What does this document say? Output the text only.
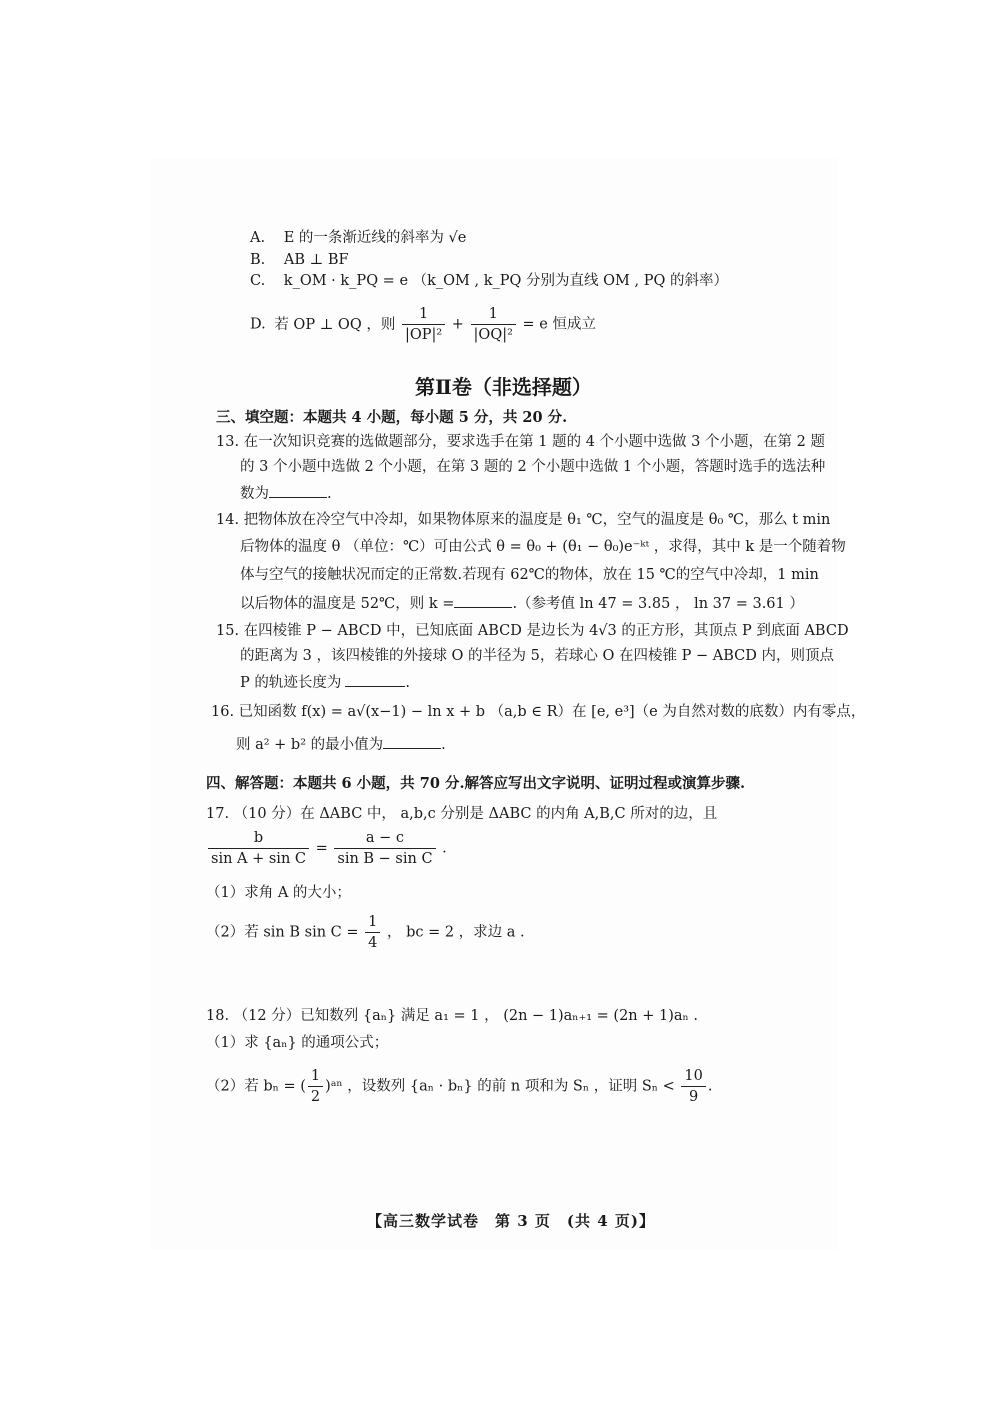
A. E 的一条渐近线的斜率为 √e
B. AB ⊥ BF
C. k_OM · k_PQ = e （k_OM , k_PQ 分别为直线 OM , PQ 的斜率）
D. 若 OP ⊥ OQ ，则 $\frac{1}{\text{|OP|²}} + \frac{1}{\text{|OQ|²}} = e$ 恒成立
第Ⅱ卷（非选择题）
三、填空题：本题共 4 小题，每小题 5 分，共 20 分.
13. 在一次知识竞赛的选做题部分，要求选手在第 1 题的 4 个小题中选做 3 个小题，在第 2 题
的 3 个小题中选做 2 个小题，在第 3 题的 2 个小题中选做 1 个小题，答题时选手的选法种
数为	.
14. 把物体放在冷空气中冷却，如果物体原来的温度是 θ₁ ℃，空气的温度是 θ₀ ℃，那么 t min
后物体的温度 θ （单位：℃）可由公式 θ = θ₀ + (θ₁ − θ₀)e⁻ᵏᵗ ，求得，其中 k 是一个随着物
体与空气的接触状况而定的正常数.若现有 62℃的物体，放在 15 ℃的空气中冷却，1 min
以后物体的温度是 52℃，则 k =	.（参考值 ln 47 = 3.85 ， ln 37 = 3.61 ）
15. 在四棱锥 P − ABCD 中，已知底面 ABCD 是边长为 4√3 的正方形，其顶点 P 到底面 ABCD
的距离为 3 ，该四棱锥的外接球 O 的半径为 5，若球心 O 在四棱锥 P − ABCD 内，则顶点
P 的轨迹长度为	.
16. 已知函数 f(x) = a√(x−1) − ln x + b （a,b ∈ R）在 [e, e³]（e 为自然对数的底数）内有零点，
则 a² + b² 的最小值为	.
四、解答题：本题共 6 小题，共 70 分.解答应写出文字说明、证明过程或演算步骤.
17. （10 分）在 ΔABC 中， a,b,c 分别是 ΔABC 的内角 A,B,C 所对的边，且
$\frac{b}{\text{sin A + sin C}} = \frac{a - c}{\text{sin B − sin C}}$ .
（1）求角 A 的大小；
（2）若 sin B $\sin C = \frac{1}{4}$ ， bc = 2 ，求边 a .
18. （12 分）已知数列 {aₙ} 满足 a₁ = 1 ， (2n − 1)aₙ₊₁ = (2n + 1)aₙ .
（1）求 {aₙ} 的通项公式；
（2）若 bₙ = ( $\frac{1}{2}$ )ᵃⁿ ，设数列 {aₙ · bₙ} 的前 n 项和为 Sₙ ，证明 $S_n < \frac{10}{9}$ .
【高三数学试卷　第 3 页　(共 4 页)】
